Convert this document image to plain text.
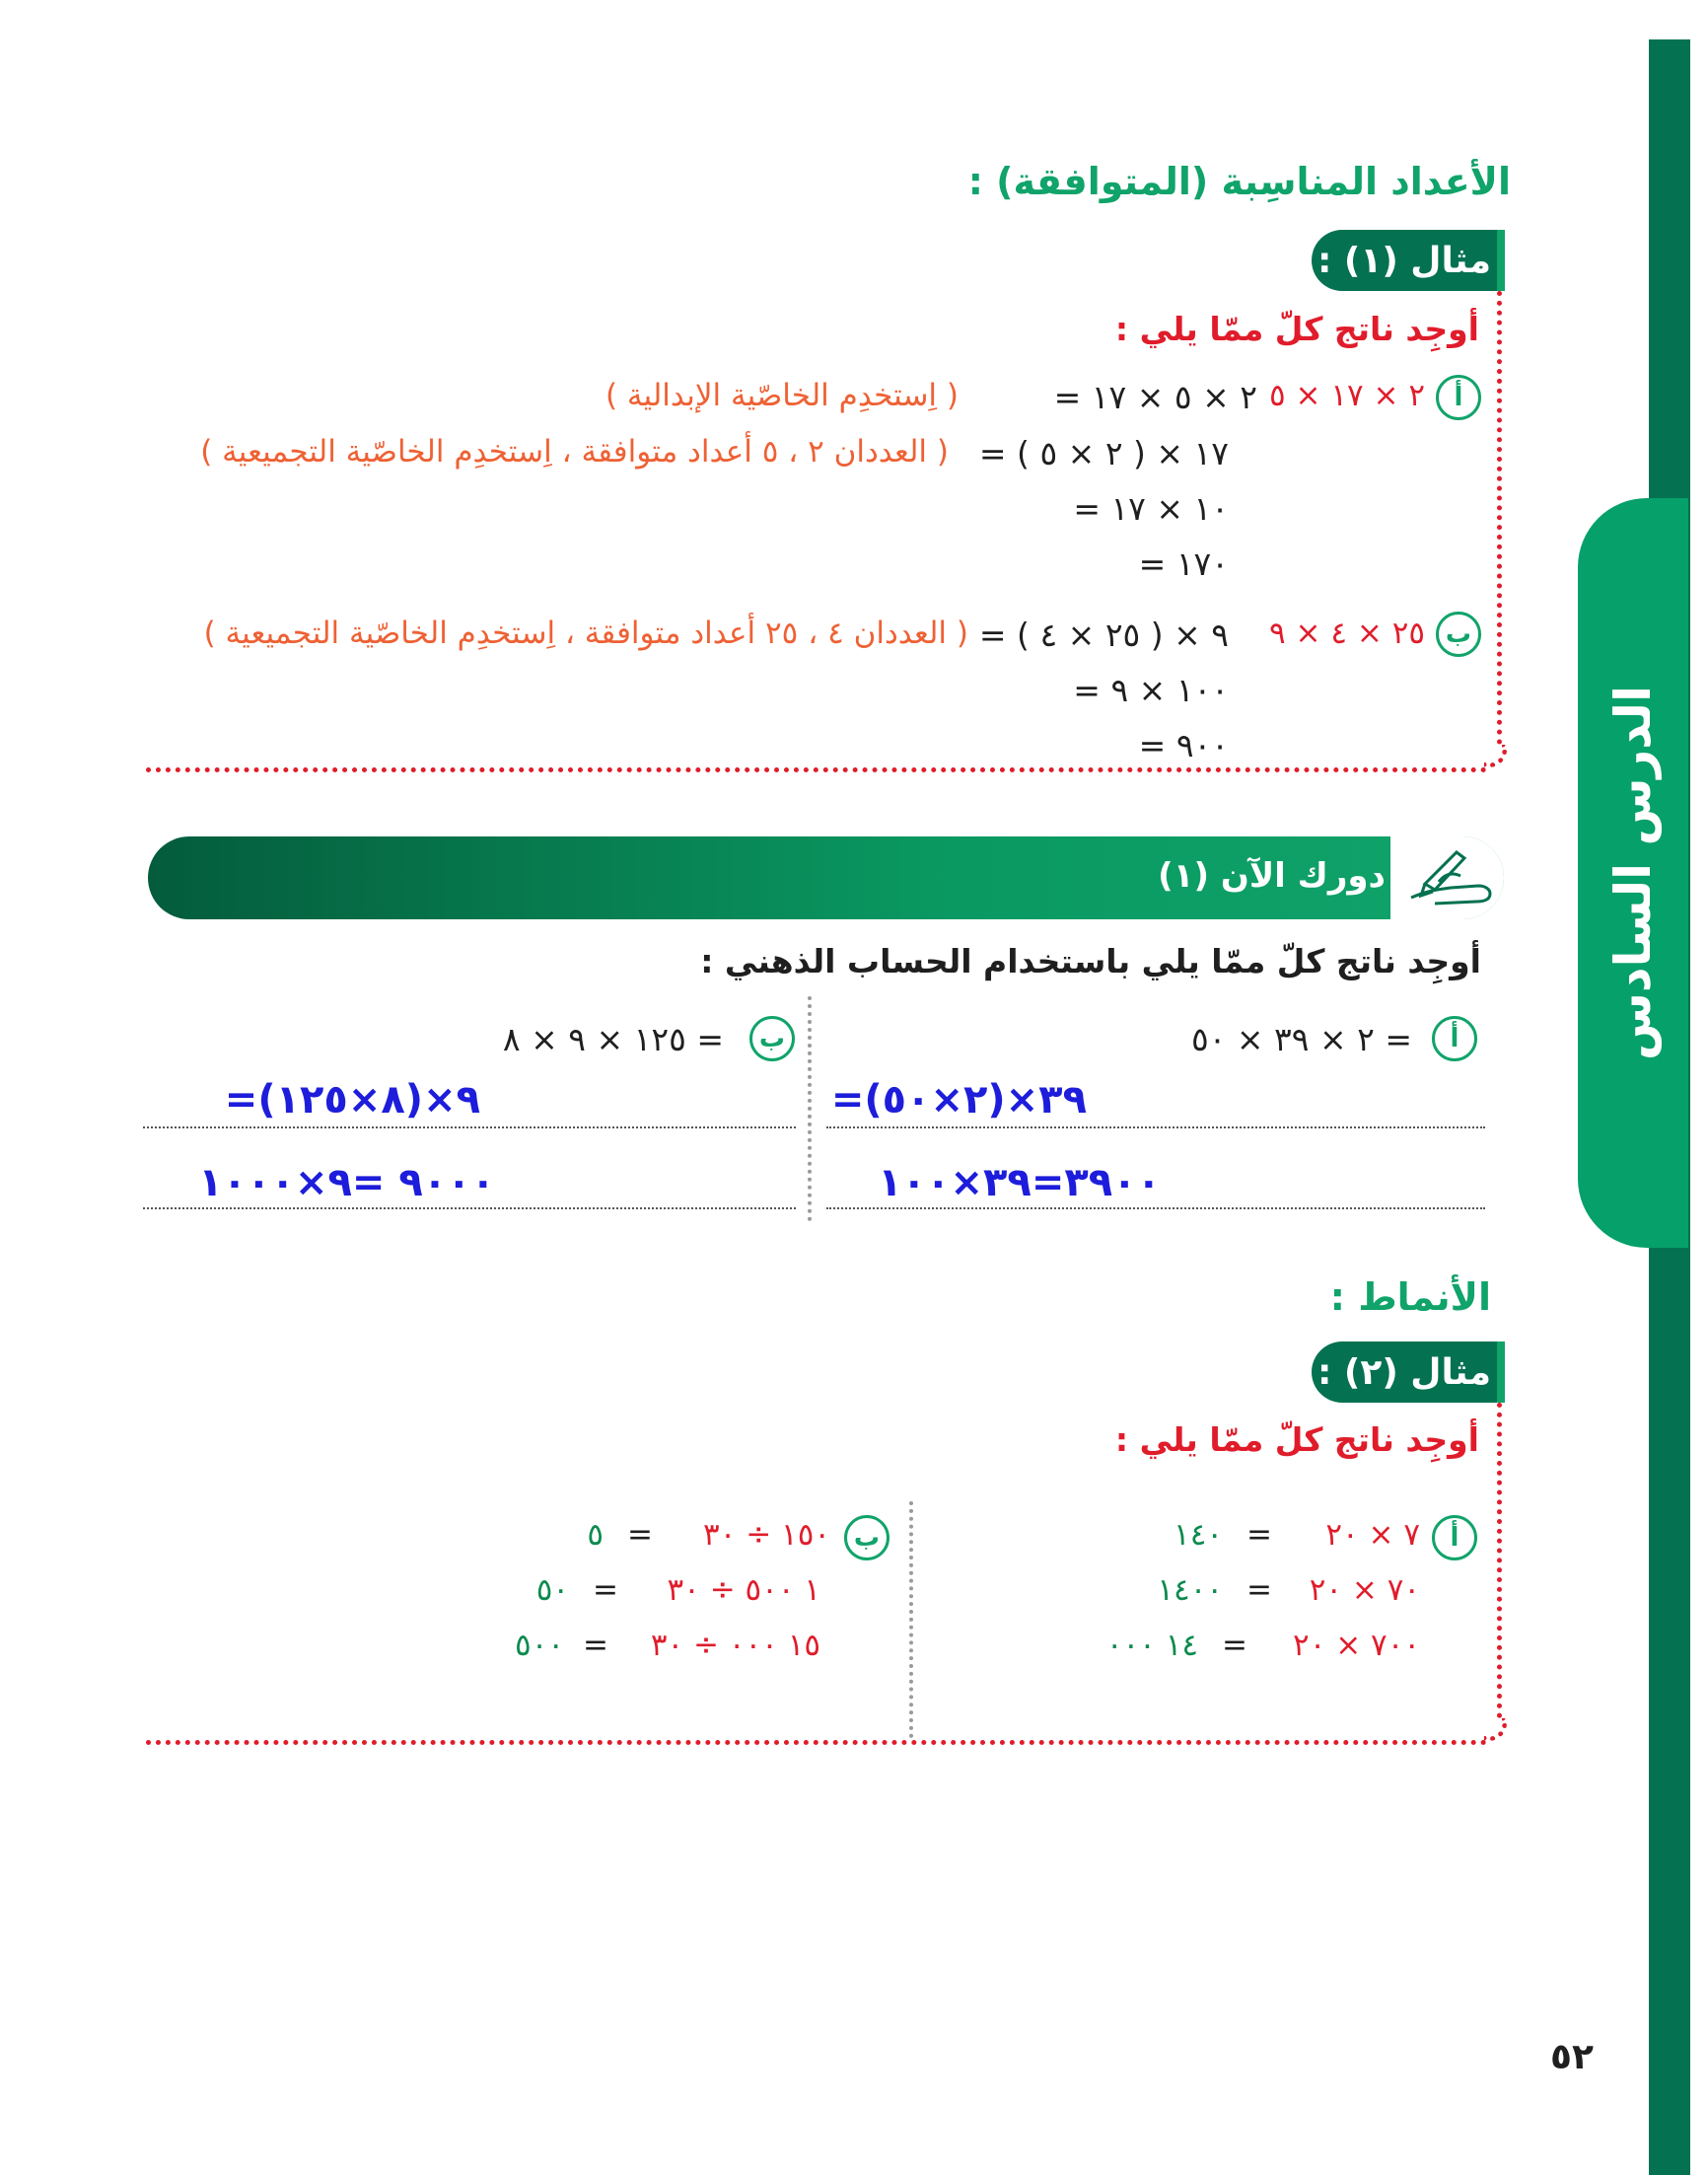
الدرس السادس
الأعداد المناسِبة (المتوافقة) :
مثال (١) :
أوجِد ناتج كلّ ممّا يلي :
أ
٢ × ١٧ × ٥
= ٢ × ٥ × ١٧
( اِستخدِم الخاصّية الإبدالية )
= ( ٢ × ٥ ) × ١٧
( العددان ٢ ، ٥ أعداد متوافقة ، اِستخدِم الخاصّية التجميعية )
= ١٠ × ١٧
= ١٧٠
ب
٢٥ × ٤ × ٩
= ( ٢٥ × ٤ ) × ٩
( العددان ٤ ، ٢٥ أعداد متوافقة ، اِستخدِم الخاصّية التجميعية )
= ١٠٠ × ٩
= ٩٠٠
دورك الآن (١)
أوجِد ناتج كلّ ممّا يلي باستخدام الحساب الذهني :
أ
٢ × ٣٩ × ٥٠ =
=٣٩×(٢×٥٠)
٣٩٠٠=٣٩×١٠٠
ب
١٢٥ × ٩ × ٨ =
=٩×(٨×١٢٥)
٩٠٠٠ =٩×١٠٠٠
الأنماط :
مثال (٢) :
أوجِد ناتج كلّ ممّا يلي :
أ
٧ × ٢٠
=
١٤٠
٧٠ × ٢٠
=
١٤٠٠
٧٠٠ × ٢٠
=
١٤ ٠٠٠
ب
١٥٠ ÷ ٣٠
=
٥
١ ٥٠٠ ÷ ٣٠
=
٥٠
١٥ ٠٠٠ ÷ ٣٠
=
٥٠٠
٥٢
